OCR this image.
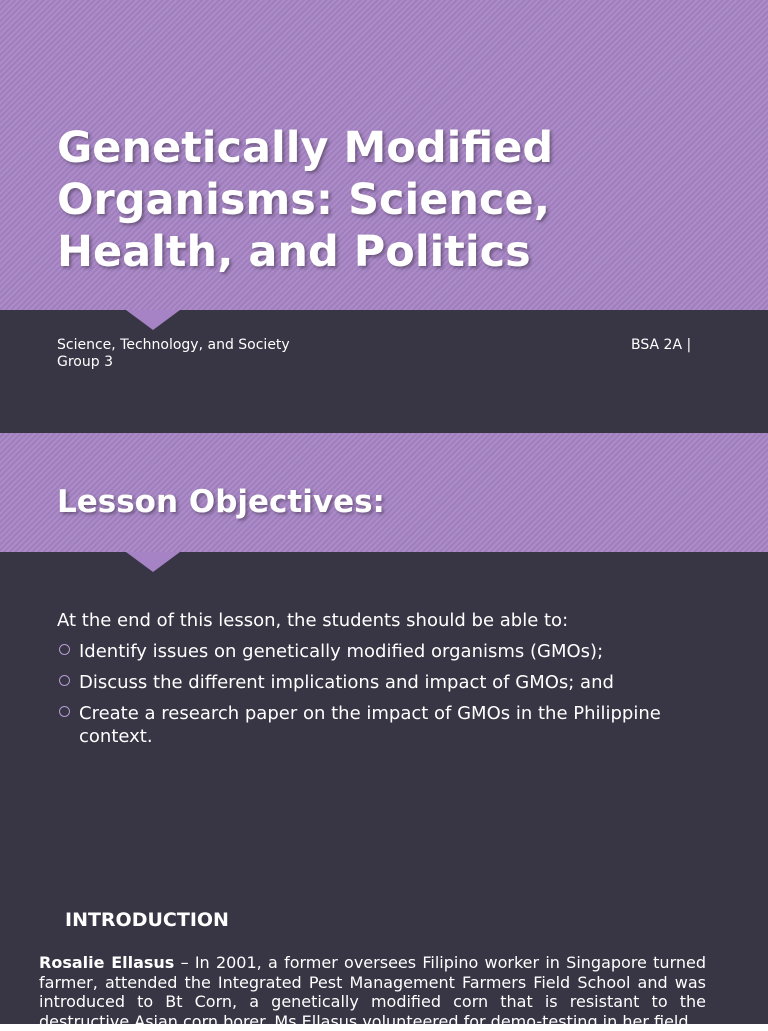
Genetically Modified Organisms: Science, Health, and Politics
Science, Technology, and Society
Group 3
BSA 2A |
Lesson Objectives:
At the end of this lesson, the students should be able to:
Identify issues on genetically modified organisms (GMOs);
Discuss the different implications and impact of GMOs; and
Create a research paper on the impact of GMOs in the Philippine context.
INTRODUCTION
Rosalie Ellasus – In 2001, a former oversees Filipino worker in Singapore turned farmer, attended the Integrated Pest Management Farmers Field School and was introduced to Bt Corn, a genetically modified corn that is resistant to the destructive Asian corn borer. Ms Ellasus volunteered for demo-testing in her field.
